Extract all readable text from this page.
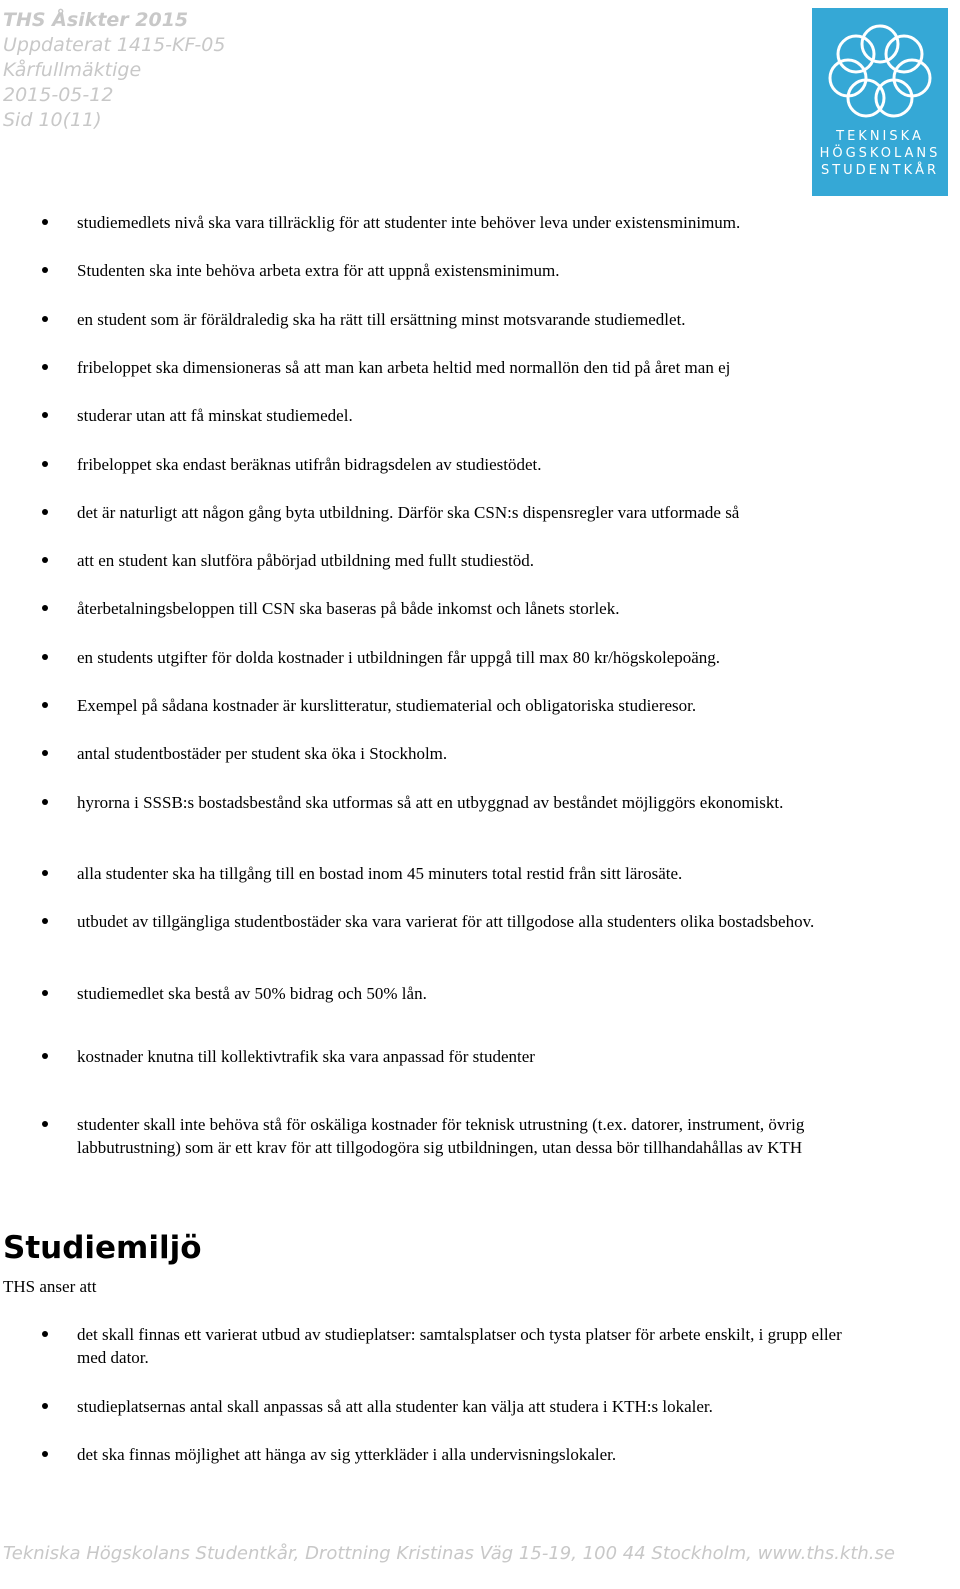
THS Åsikter 2015
Uppdaterat 1415-KF-05
Kårfullmäktige
2015-05-12
Sid 10(11)
TEKNISKA
HÖGSKOLANS
STUDENTKÅR
studiemedlets nivå ska vara tillräcklig för att studenter inte behöver leva under existensminimum.
Studenten ska inte behöva arbeta extra för att uppnå existensminimum.
en student som är föräldraledig ska ha rätt till ersättning minst motsvarande studiemedlet.
fribeloppet ska dimensioneras så att man kan arbeta heltid med normallön den tid på året man ej
studerar utan att få minskat studiemedel.
fribeloppet ska endast beräknas utifrån bidragsdelen av studiestödet.
det är naturligt att någon gång byta utbildning. Därför ska CSN:s dispensregler vara utformade så
att en student kan slutföra påbörjad utbildning med fullt studiestöd.
återbetalningsbeloppen till CSN ska baseras på både inkomst och lånets storlek.
en students utgifter för dolda kostnader i utbildningen får uppgå till max 80 kr/högskolepoäng.
Exempel på sådana kostnader är kurslitteratur, studiematerial och obligatoriska studieresor.
antal studentbostäder per student ska öka i Stockholm.
hyrorna i SSSB:s bostadsbestånd ska utformas så att en utbyggnad av beståndet möjliggörs ekonomiskt.
alla studenter ska ha tillgång till en bostad inom 45 minuters total restid från sitt lärosäte.
utbudet av tillgängliga studentbostäder ska vara varierat för att tillgodose alla studenters olika bostadsbehov.
studiemedlet ska bestå av 50% bidrag och 50% lån.
kostnader knutna till kollektivtrafik ska vara anpassad för studenter
studenter skall inte behöva stå för oskäliga kostnader för teknisk utrustning (t.ex. datorer, instrument, övrig labbutrustning) som är ett krav för att tillgodogöra sig utbildningen, utan dessa bör tillhandahållas av KTH
Studiemiljö
THS anser att
det skall finnas ett varierat utbud av studieplatser: samtalsplatser och tysta platser för arbete enskilt, i grupp eller med dator.
studieplatsernas antal skall anpassas så att alla studenter kan välja att studera i KTH:s lokaler.
det ska finnas möjlighet att hänga av sig ytterkläder i alla undervisningslokaler.
Tekniska Högskolans Studentkår, Drottning Kristinas Väg 15-19, 100 44 Stockholm, www.ths.kth.se
